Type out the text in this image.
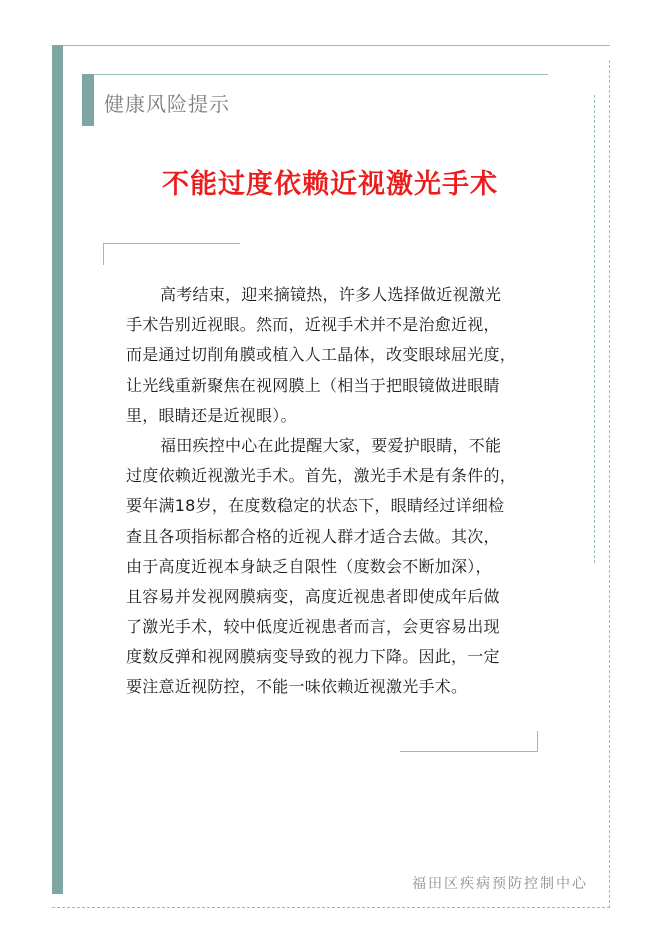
健康风险提示
不能过度依赖近视激光手术
高考结束，迎来摘镜热，许多人选择做近视激光
手术告别近视眼。然而，近视手术并不是治愈近视，
而是通过切削角膜或植入人工晶体，改变眼球屈光度，
让光线重新聚焦在视网膜上（相当于把眼镜做进眼睛
里，眼睛还是近视眼）。
福田疾控中心在此提醒大家，要爱护眼睛，不能
过度依赖近视激光手术。首先，激光手术是有条件的，
要年满18岁，在度数稳定的状态下，眼睛经过详细检
查且各项指标都合格的近视人群才适合去做。其次，
由于高度近视本身缺乏自限性（度数会不断加深），
且容易并发视网膜病变，高度近视患者即使成年后做
了激光手术，较中低度近视患者而言，会更容易出现
度数反弹和视网膜病变导致的视力下降。因此，一定
要注意近视防控，不能一味依赖近视激光手术。
福田区疾病预防控制中心
